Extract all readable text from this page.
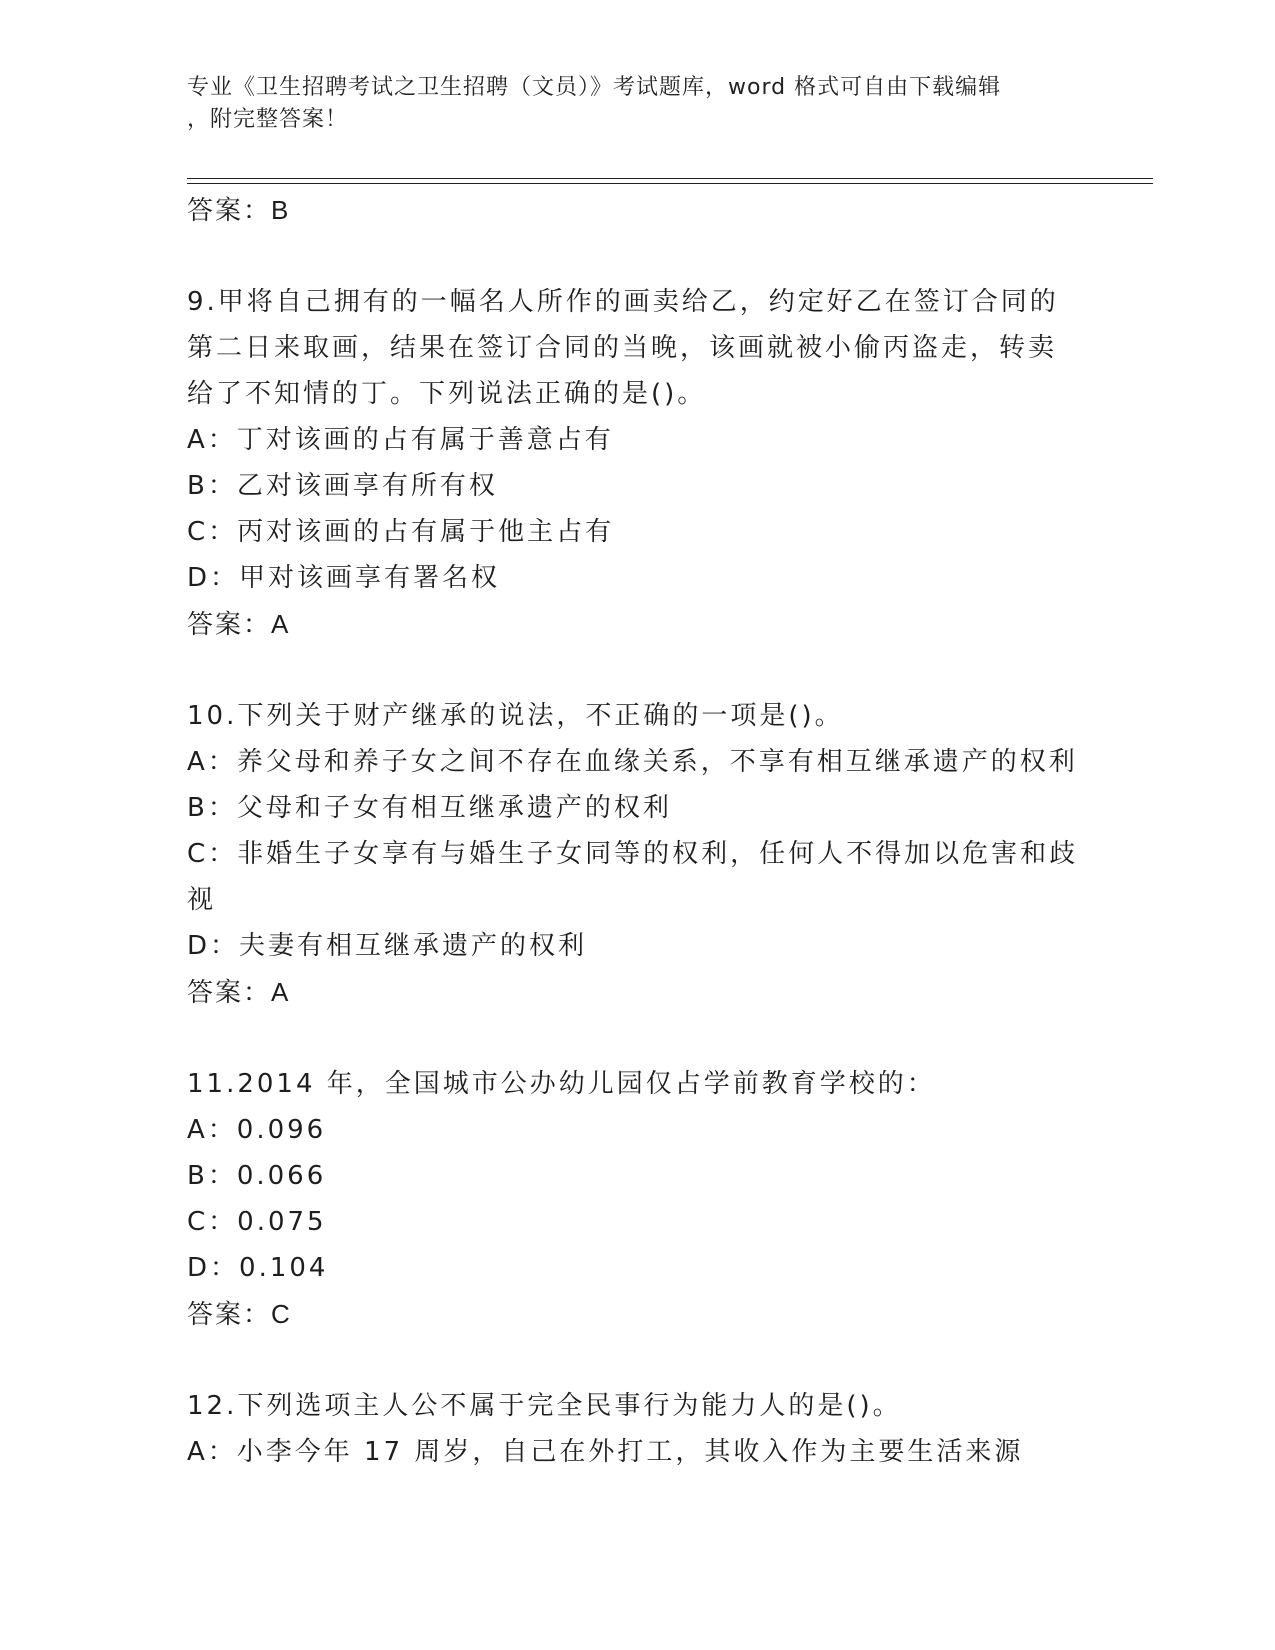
专业《卫生招聘考试之卫生招聘（文员）》考试题库，word 格式可自由下载编辑
，附完整答案！
答案：B
9.甲将自己拥有的一幅名人所作的画卖给乙，约定好乙在签订合同的
第二日来取画，结果在签订合同的当晚，该画就被小偷丙盗走，转卖
给了不知情的丁。下列说法正确的是()。
A：丁对该画的占有属于善意占有
B：乙对该画享有所有权
C：丙对该画的占有属于他主占有
D：甲对该画享有署名权
答案：A
10.下列关于财产继承的说法，不正确的一项是()。
A：养父母和养子女之间不存在血缘关系，不享有相互继承遗产的权利
B：父母和子女有相互继承遗产的权利
C：非婚生子女享有与婚生子女同等的权利，任何人不得加以危害和歧
视
D：夫妻有相互继承遗产的权利
答案：A
11.2014 年，全国城市公办幼儿园仅占学前教育学校的：
A：0.096
B：0.066
C：0.075
D：0.104
答案：C
12.下列选项主人公不属于完全民事行为能力人的是()。
A：小李今年 17 周岁，自己在外打工，其收入作为主要生活来源
